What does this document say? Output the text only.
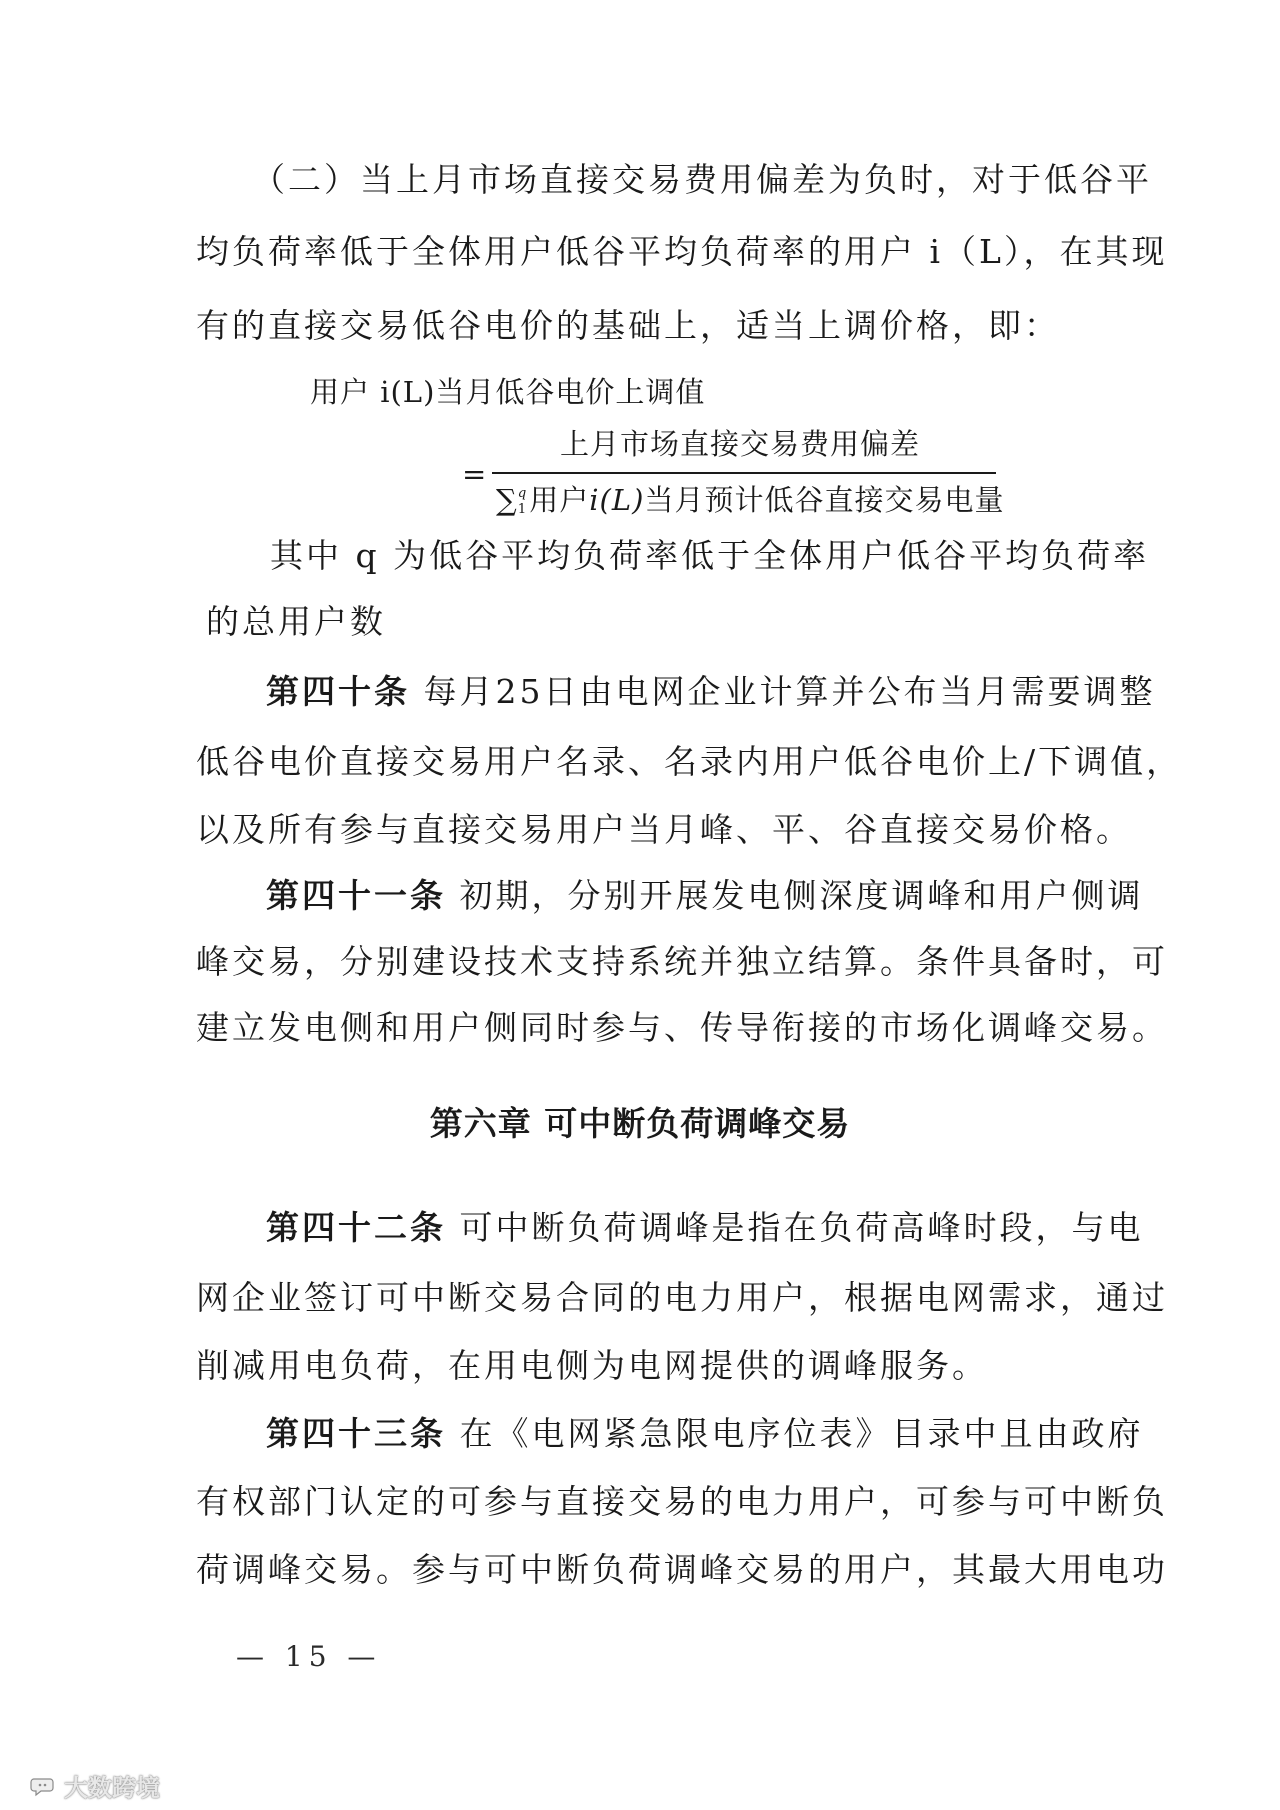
（二）当上月市场直接交易费用偏差为负时，对于低谷平
均负荷率低于全体用户低谷平均负荷率的用户 i（L），在其现
有的直接交易低谷电价的基础上，适当上调价格，即：
用户 i(L)当月低谷电价上调值
=
上月市场直接交易费用偏差
∑ q
1 用户i(L)当月预计低谷直接交易电量
其中 q 为低谷平均负荷率低于全体用户低谷平均负荷率
的总用户数
第四十条 每月25日由电网企业计算并公布当月需要调整
低谷电价直接交易用户名录、名录内用户低谷电价上/下调值，
以及所有参与直接交易用户当月峰、平、谷直接交易价格。
第四十一条 初期，分别开展发电侧深度调峰和用户侧调
峰交易，分别建设技术支持系统并独立结算。条件具备时，可
建立发电侧和用户侧同时参与、传导衔接的市场化调峰交易。
第六章 可中断负荷调峰交易
第四十二条 可中断负荷调峰是指在负荷高峰时段，与电
网企业签订可中断交易合同的电力用户，根据电网需求，通过
削减用电负荷，在用电侧为电网提供的调峰服务。
第四十三条 在《电网紧急限电序位表》目录中且由政府
有权部门认定的可参与直接交易的电力用户，可参与可中断负
荷调峰交易。参与可中断负荷调峰交易的用户，其最大用电功
— 15 —
大数跨境
